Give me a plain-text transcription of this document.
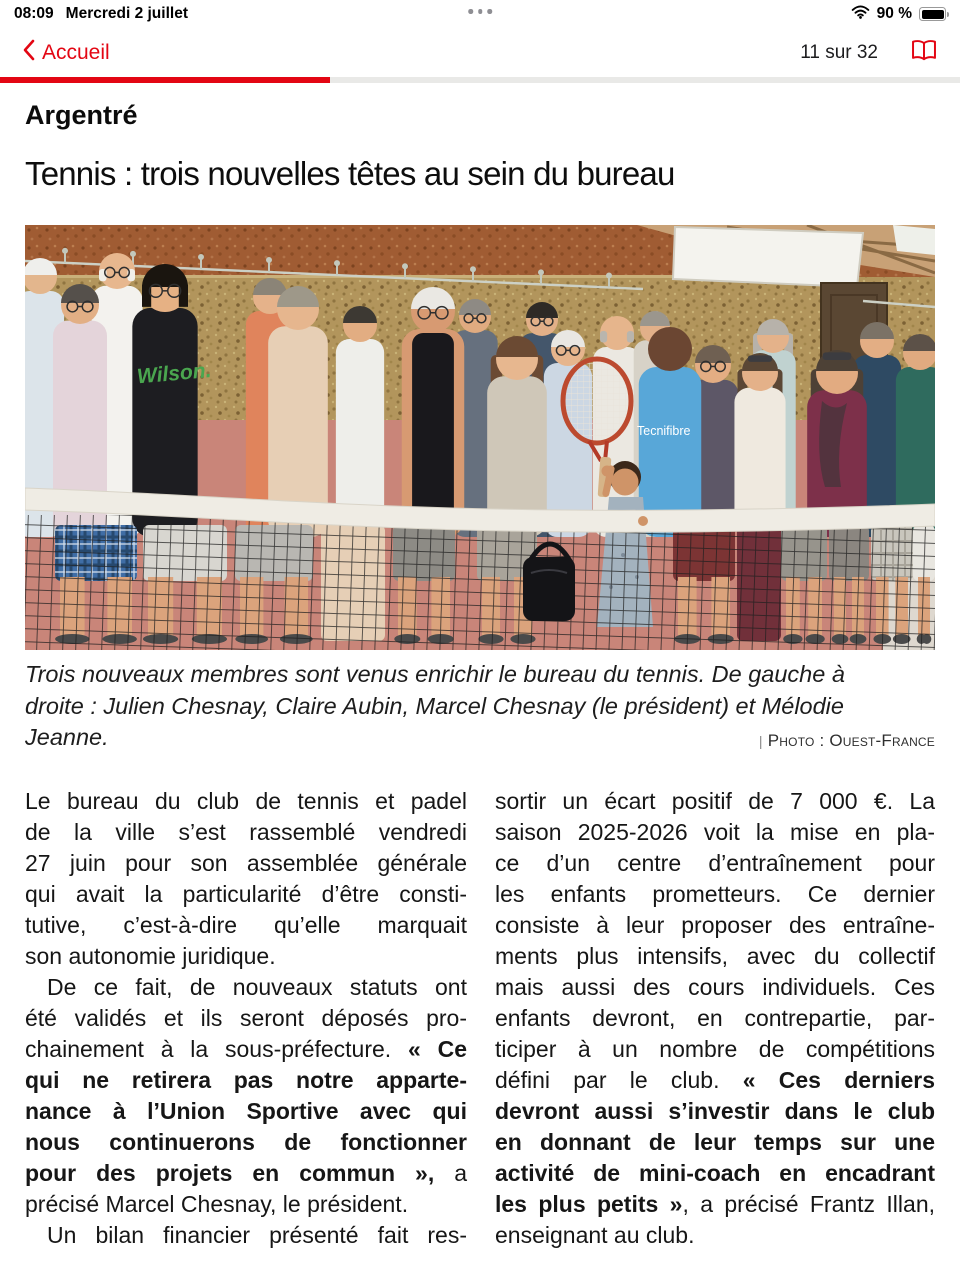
08:09 Mercredi 2 juillet	90 %
Accueil	11 sur 32
Argentré
Tennis : trois nouvelles têtes au sein du bureau
Wilson.
Tecnifibre
Trois nouveaux membres sont venus enrichir le bureau du tennis. De gauche à
droite : Julien Chesnay, Claire Aubin, Marcel Chesnay (le président) et Mélodie
Jeanne.	| Photo : Ouest-France
Le bureau du club de tennis et padel
de la ville s’est rassemblé vendredi
27 juin pour son assemblée générale
qui avait la particularité d’être consti-
tutive, c’est-à-dire qu’elle marquait
son autonomie juridique.
De ce fait, de nouveaux statuts ont
été validés et ils seront déposés pro-
chainement à la sous-préfecture. « Ce
qui ne retirera pas notre apparte-
nance à l’Union Sportive avec qui
nous continuerons de fonctionner
pour des projets en commun », a
précisé Marcel Chesnay, le président.
Un bilan financier présenté fait res-
sortir un écart positif de 7 000 €. La
saison 2025-2026 voit la mise en pla-
ce d’un centre d’entraînement pour
les enfants prometteurs. Ce dernier
consiste à leur proposer des entraîne-
ments plus intensifs, avec du collectif
mais aussi des cours individuels. Ces
enfants devront, en contrepartie, par-
ticiper à un nombre de compétitions
défini par le club. « Ces derniers
devront aussi s’investir dans le club
en donnant de leur temps sur une
activité de mini-coach en encadrant
les plus petits », a précisé Frantz Illan,
enseignant au club.
